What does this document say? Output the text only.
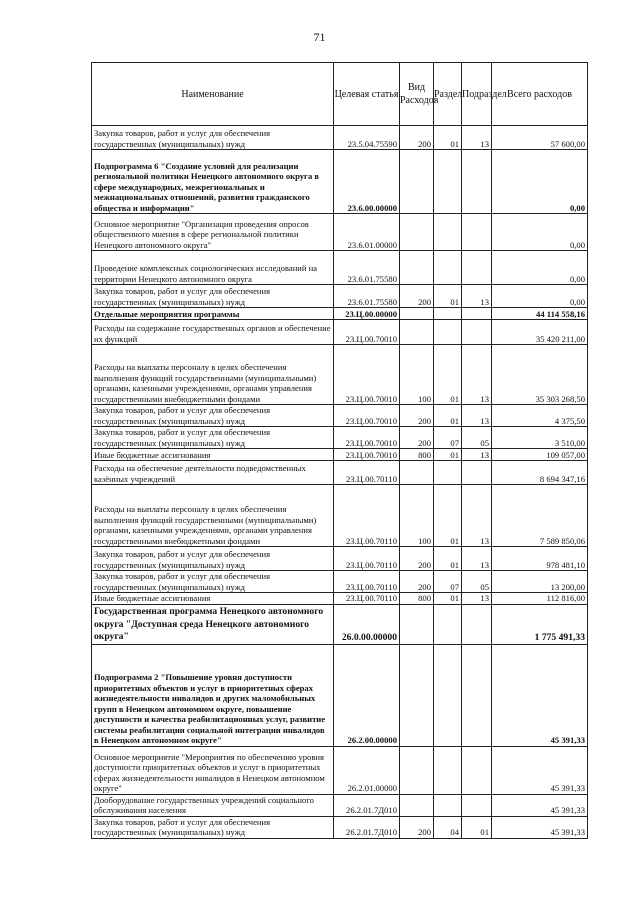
71
Наименование	Целевая статья	Вид Расходов	Раздел	Подраздел	Всего расходов
Закупка товаров, работ и услуг для обеспечения государственных (муниципальных) нужд	23.5.04.75590	200	01	13	57 600,00
Подпрограмма 6 "Создание условий для реализации региональной политики Ненецкого автономного округа в сфере международных, межрегиональных и межнациональных отношений, развития гражданского общества и информации"	23.6.00.00000				0,00
Основное мероприятие "Организация проведения опросов общественного мнения в сфере региональной политики Ненецкого автономного округа"	23.6.01.00000				0,00
Проведение комплексных социологических исследований на территории Ненецкого автономного округа	23.6.01.75580				0,00
Закупка товаров, работ и услуг для обеспечения государственных (муниципальных) нужд	23.6.01.75580	200	01	13	0,00
Отдельные мероприятия программы	23.Ц.00.00000				44 114 558,16
Расходы на содержание государственных органов и обеспечение их функций	23.Ц.00.70010				35 420 211,00
Расходы на выплаты персоналу в целях обеспечения выполнения функций государственными (муниципальными) органами, казенными учреждениями, органами управления государственными внебюджетными фондами	23.Ц.00.70010	100	01	13	35 303 268,50
Закупка товаров, работ и услуг для обеспечения государственных (муниципальных) нужд	23.Ц.00.70010	200	01	13	4 375,50
Закупка товаров, работ и услуг для обеспечения государственных (муниципальных) нужд	23.Ц.00.70010	200	07	05	3 510,00
Иные бюджетные ассигнования	23.Ц.00.70010	800	01	13	109 057,00
Расходы на обеспечение деятельности подведомственных казённых учреждений	23.Ц.00.70110				8 694 347,16
Расходы на выплаты персоналу в целях обеспечения выполнения функций государственными (муниципальными) органами, казенными учреждениями, органами управления государственными внебюджетными фондами	23.Ц.00.70110	100	01	13	7 589 850,06
Закупка товаров, работ и услуг для обеспечения государственных (муниципальных) нужд	23.Ц.00.70110	200	01	13	978 481,10
Закупка товаров, работ и услуг для обеспечения государственных (муниципальных) нужд	23.Ц.00.70110	200	07	05	13 200,00
Иные бюджетные ассигнования	23.Ц.00.70110	800	01	13	112 816,00
Государственная программа Ненецкого автономного округа "Доступная среда Ненецкого автономного округа"	26.0.00.00000				1 775 491,33
Подпрограмма 2 "Повышение уровня доступности приоритетных объектов и услуг в приоритетных сферах жизнедеятельности инвалидов и других маломобильных групп в Ненецком автономном округе, повышение доступности и качества реабилитационных услуг, развитие системы реабилитации социальной интеграции инвалидов в Ненецком автономном округе"	26.2.00.00000				45 391,33
Основное мероприятие "Мероприятия по обеспечению уровня доступности приоритетных объектов и услуг в приоритетных сферах жизнедеятельности инвалидов в Ненецком автономном округе"	26.2.01.00000				45 391,33
Дооборудование государственных учреждений социального обслуживания населения	26.2.01.7Д010				45 391,33
Закупка товаров, работ и услуг для обеспечения государственных (муниципальных) нужд	26.2.01.7Д010	200	04	01	45 391,33
